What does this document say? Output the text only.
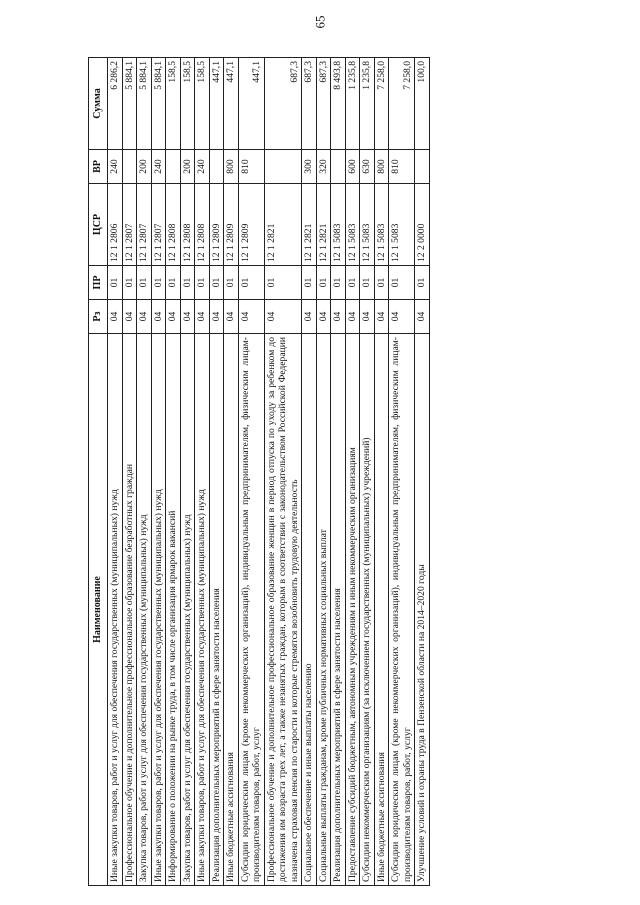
65
Наименование	Рз	ПР	ЦСР	ВР	Сумма
Иные закупки товаров, работ и услуг для обеспечения государственных (муниципальных) нужд	04	01	12 1 2806	240	6 286,2
Профессиональное обучение и дополнительное профессиональное образование безработных граждан	04	01	12 1 2807		5 884,1
Закупка товаров, работ и услуг для обеспечения государственных (муниципальных) нужд	04	01	12 1 2807	200	5 884,1
Иные закупки товаров, работ и услуг для обеспечения государственных (муниципальных) нужд	04	01	12 1 2807	240	5 884,1
Информирование о положении на рынке труда, в том числе организация ярмарок вакансий	04	01	12 1 2808		158,5
Закупка товаров, работ и услуг для обеспечения государственных (муниципальных) нужд	04	01	12 1 2808	200	158,5
Иные закупки товаров, работ и услуг для обеспечения государственных (муниципальных) нужд	04	01	12 1 2808	240	158,5
Реализация дополнительных мероприятий в сфере занятости населения	04	01	12 1 2809		447,1
Иные бюджетные ассигнования	04	01	12 1 2809	800	447,1
Субсидии юридическим лицам (кроме некоммерческих организаций), индивидуальным предпринимателям, физическим лицам-производителям товаров, работ, услуг	04	01	12 1 2809	810	447,1
Профессиональное обучение и дополнительное профессиональное образование женщин в период отпуска по уходу за ребенком до достижения им возраста трех лет, а также незанятых граждан, которым в соответствии с законодательством Российской Федерации назначена страховая пенсия по старости и которые стремятся возобновить трудовую деятельность	04	01	12 1 2821		687,3
Социальное обеспечение и иные выплаты населению	04	01	12 1 2821	300	687,3
Социальные выплаты гражданам, кроме публичных нормативных социальных выплат	04	01	12 1 2821	320	687,3
Реализация дополнительных мероприятий в сфере занятости населения	04	01	12 1 5083		8 493,8
Предоставление субсидий бюджетным, автономным учреждениям и иным некоммерческим организациям	04	01	12 1 5083	600	1 235,8
Субсидии некоммерческим организациям (за исключением государственных (муниципальных) учреждений)	04	01	12 1 5083	630	1 235,8
Иные бюджетные ассигнования	04	01	12 1 5083	800	7 258,0
Субсидии юридическим лицам (кроме некоммерческих организаций), индивидуальным предпринимателям, физическим лицам-производителям товаров, работ, услуг	04	01	12 1 5083	810	7 258,0
Улучшение условий и охраны труда в Пензенской области на 2014–2020 годы	04	01	12 2 0000		100,0
